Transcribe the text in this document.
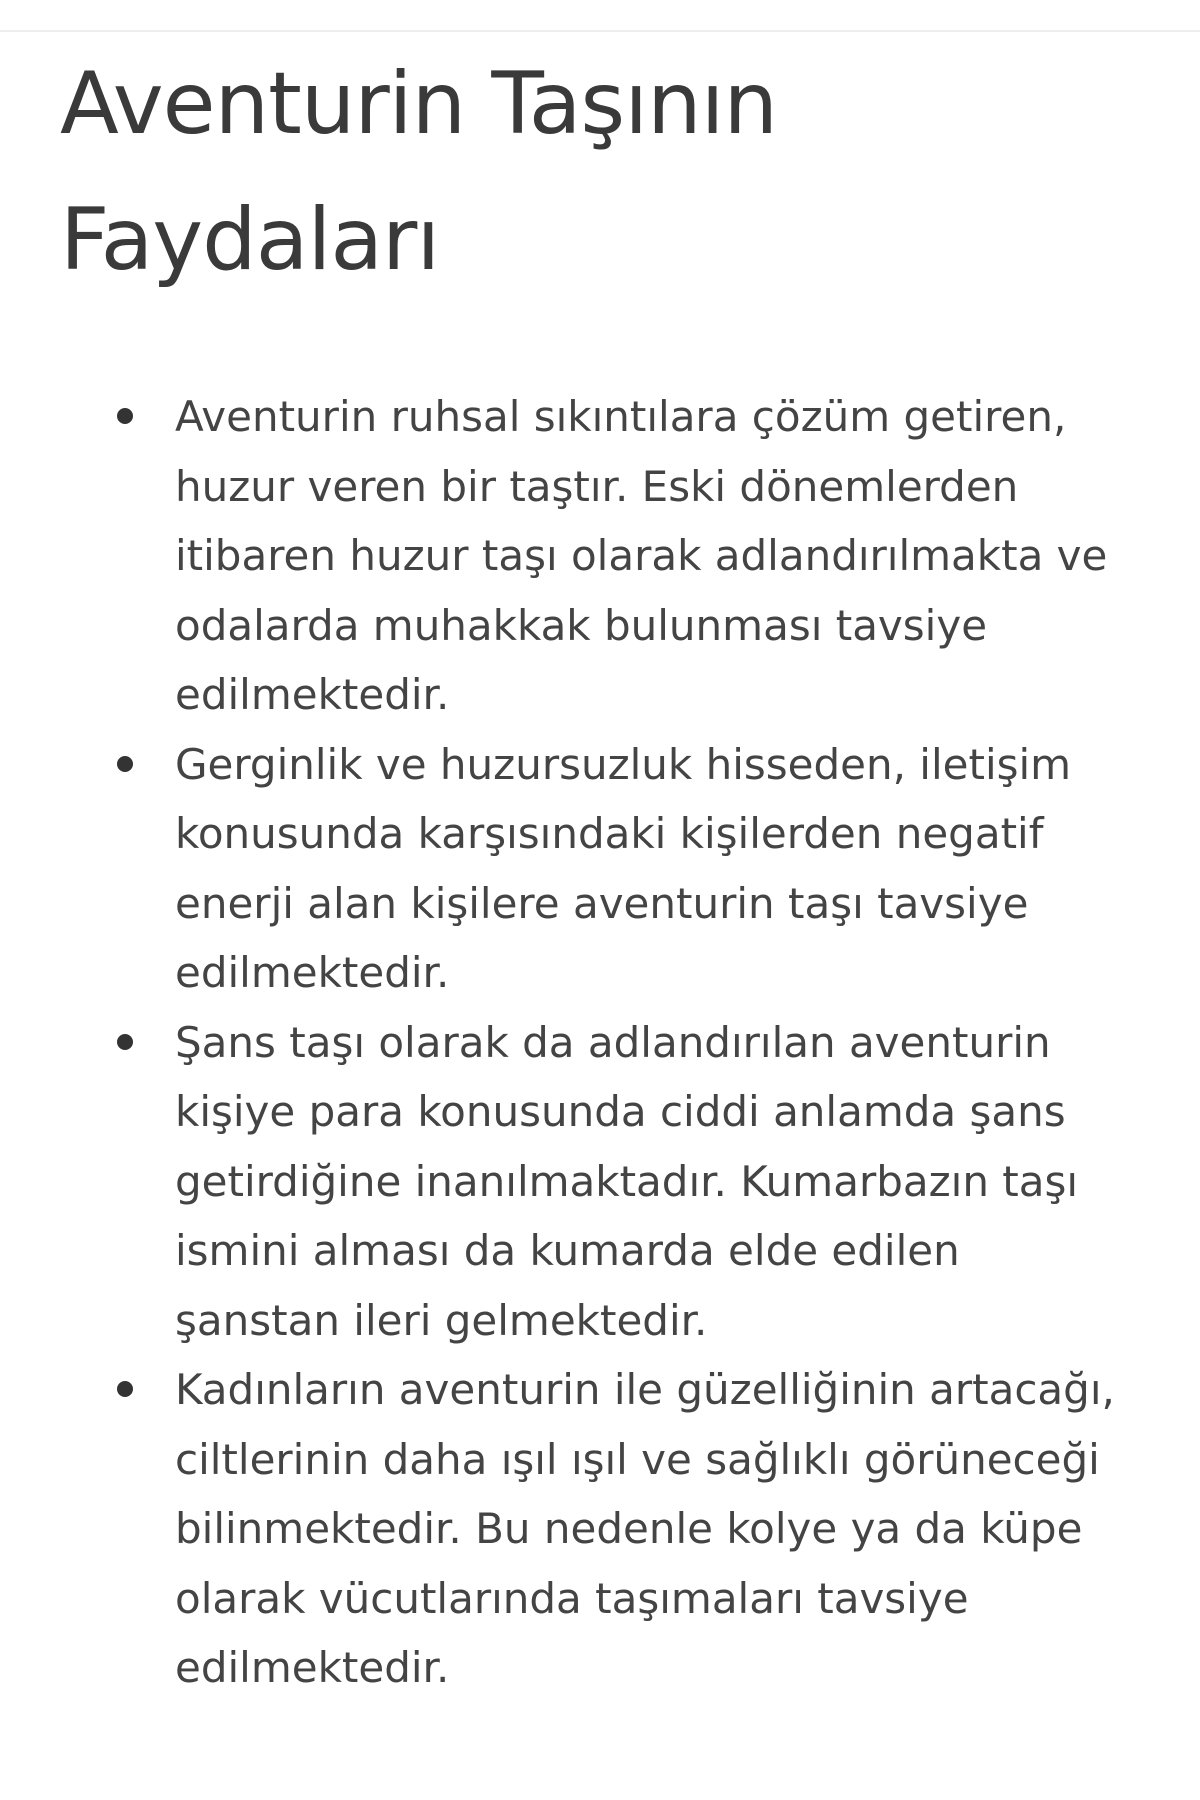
Aventurin Taşının Faydaları
Aventurin ruhsal sıkıntılara çözüm getiren, huzur veren bir taştır. Eski dönemlerden itibaren huzur taşı olarak adlandırılmakta ve odalarda muhakkak bulunması tavsiye edilmektedir.
Gerginlik ve huzursuzluk hisseden, iletişim konusunda karşısındaki kişilerden negatif enerji alan kişilere aventurin taşı tavsiye edilmektedir.
Şans taşı olarak da adlandırılan aventurin kişiye para konusunda ciddi anlamda şans getirdiğine inanılmaktadır. Kumarbazın taşı ismini alması da kumarda elde edilen şanstan ileri gelmektedir.
Kadınların aventurin ile güzelliğinin artacağı, ciltlerinin daha ışıl ışıl ve sağlıklı görüneceği bilinmektedir. Bu nedenle kolye ya da küpe olarak vücutlarında taşımaları tavsiye edilmektedir.
